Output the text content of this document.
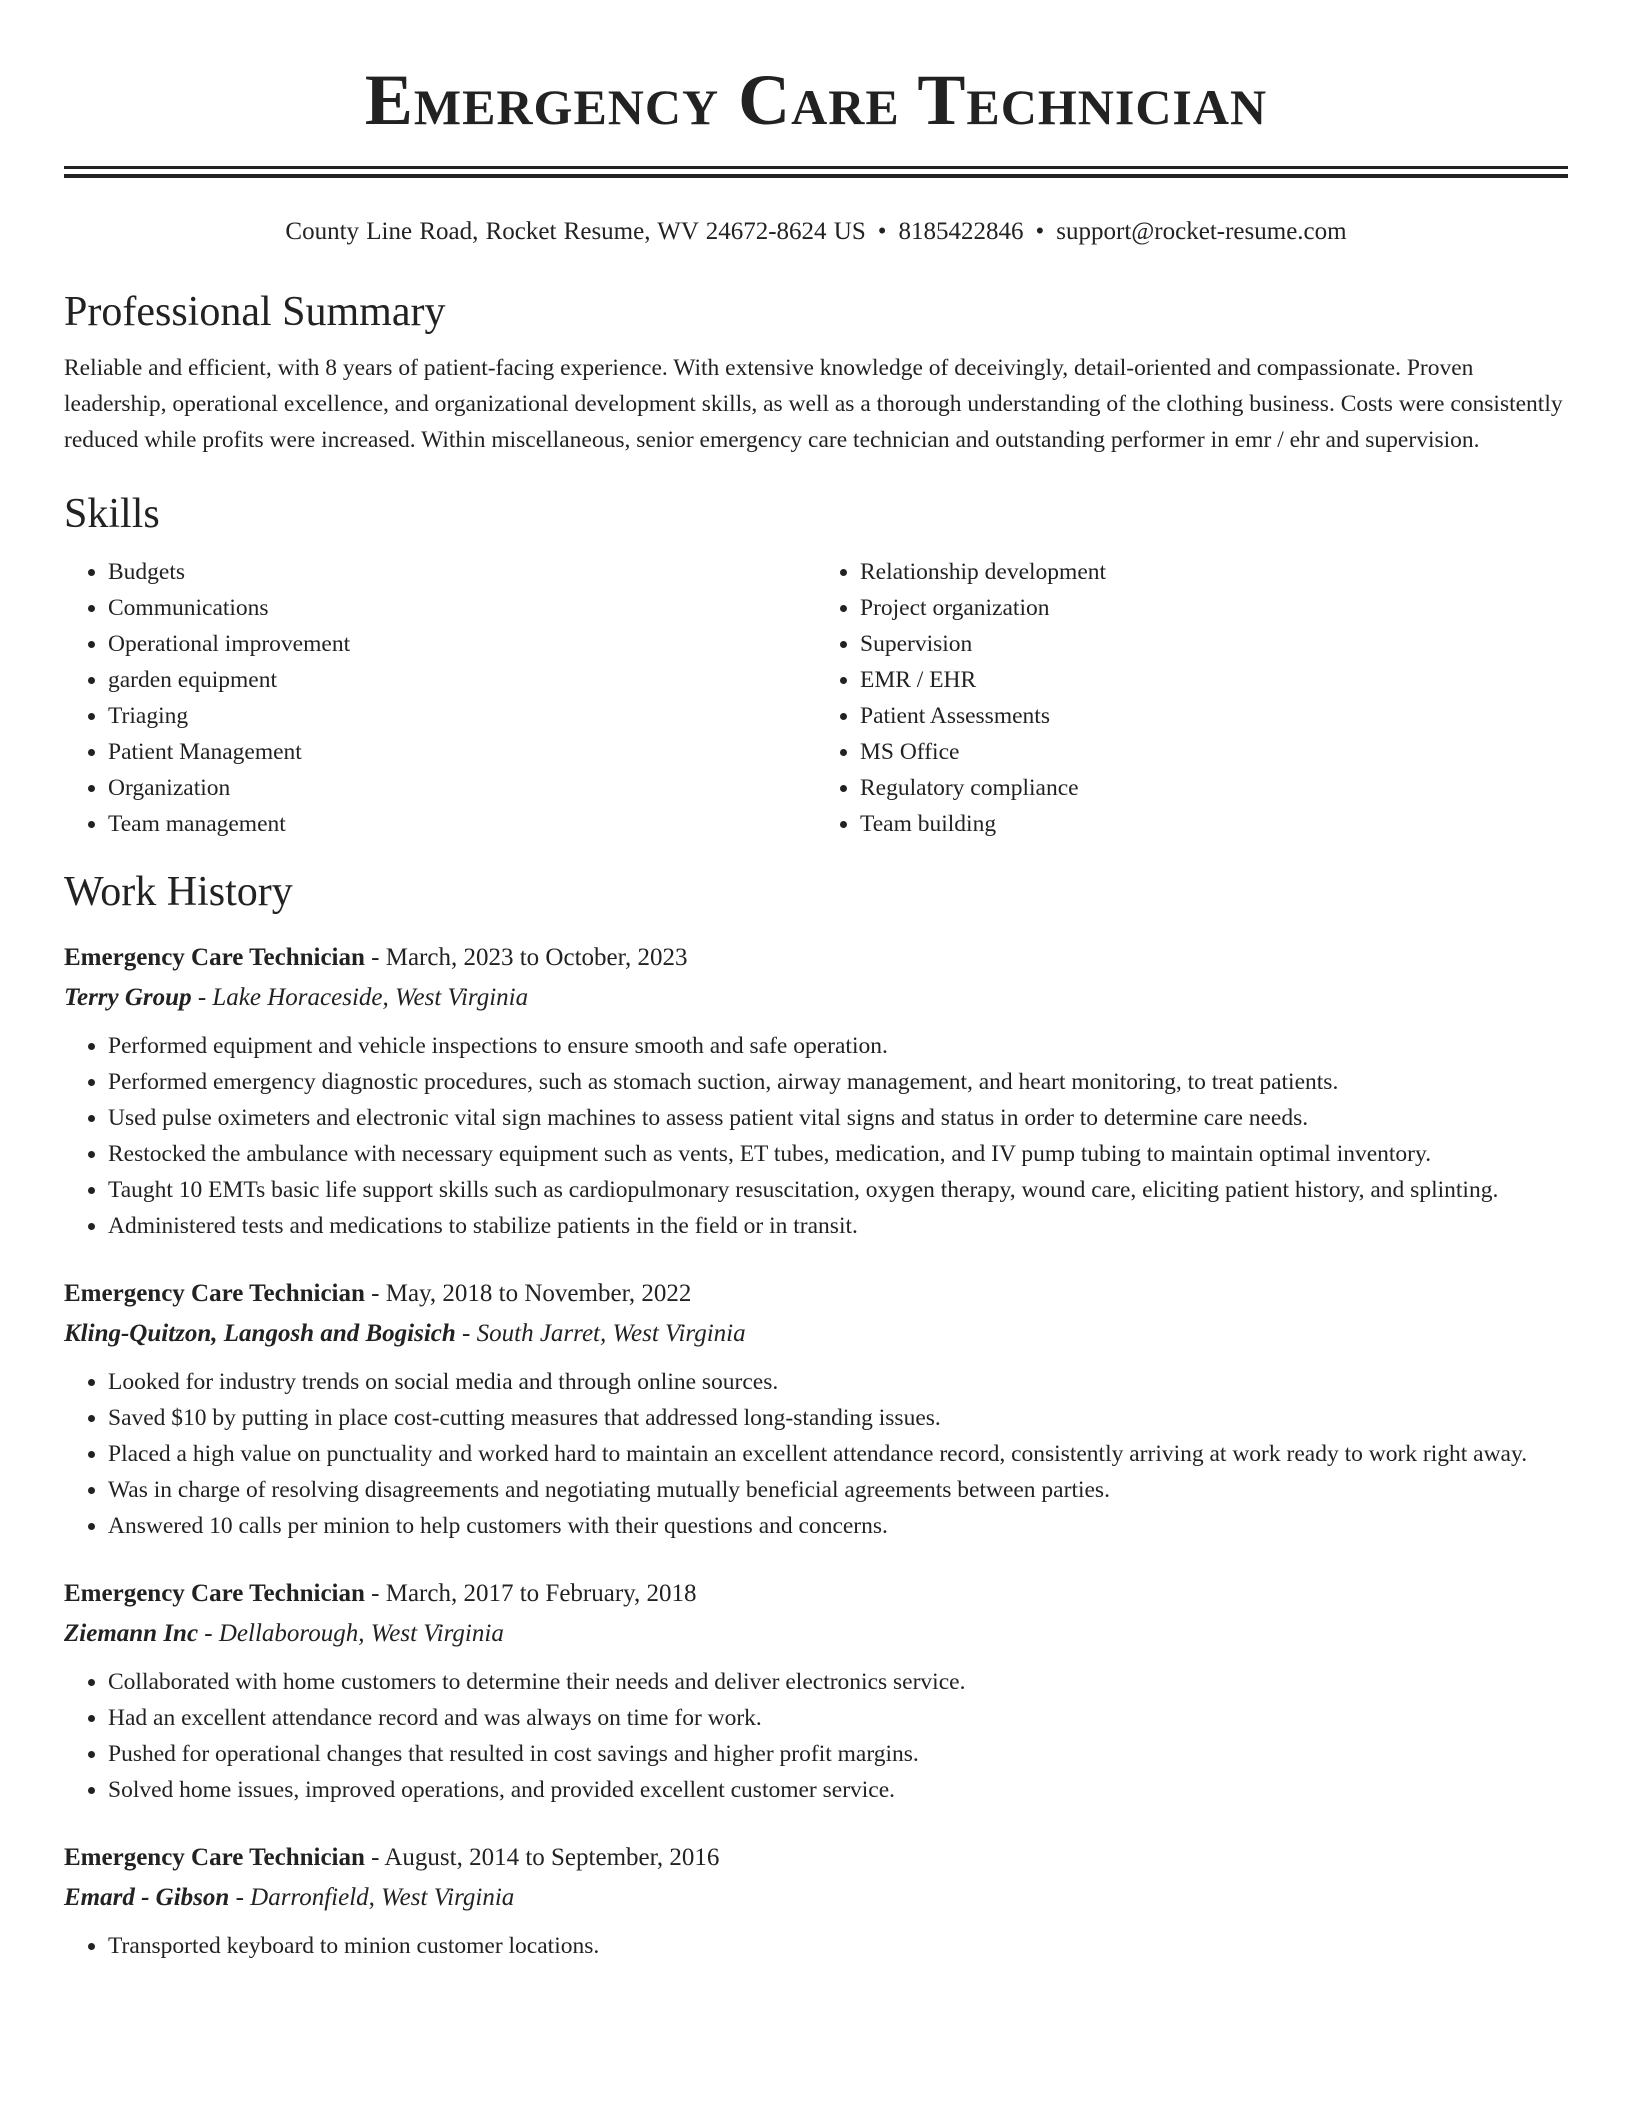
Emergency Care Technician
County Line Road, Rocket Resume, WV 24672-8624 US • 8185422846 • support@rocket-resume.com
Professional Summary

Reliable and efficient, with 8 years of patient-facing experience. With extensive knowledge of deceivingly, detail-oriented and compassionate. Proven leadership, operational excellence, and organizational development skills, as well as a thorough understanding of the clothing business. Costs were consistently reduced while profits were increased. Within miscellaneous, senior emergency care technician and outstanding performer in emr / ehr and supervision.

Skills
• Budgets
• Communications
• Operational improvement
• garden equipment
• Triaging
• Patient Management
• Organization
• Team management
• Relationship development
• Project organization
• Supervision
• EMR / EHR
• Patient Assessments
• MS Office
• Regulatory compliance
• Team building
Work History
Emergency Care Technician - March, 2023 to October, 2023
Terry Group - Lake Horaceside, West Virginia
• Performed equipment and vehicle inspections to ensure smooth and safe operation.
• Performed emergency diagnostic procedures, such as stomach suction, airway management, and heart monitoring, to treat patients.
• Used pulse oximeters and electronic vital sign machines to assess patient vital signs and status in order to determine care needs.
• Restocked the ambulance with necessary equipment such as vents, ET tubes, medication, and IV pump tubing to maintain optimal inventory.
• Taught 10 EMTs basic life support skills such as cardiopulmonary resuscitation, oxygen therapy, wound care, eliciting patient history, and splinting.
• Administered tests and medications to stabilize patients in the field or in transit.
Emergency Care Technician - May, 2018 to November, 2022
Kling-Quitzon, Langosh and Bogisich - South Jarret, West Virginia
• Looked for industry trends on social media and through online sources.
• Saved $10 by putting in place cost-cutting measures that addressed long-standing issues.
• Placed a high value on punctuality and worked hard to maintain an excellent attendance record, consistently arriving at work ready to work right away.
• Was in charge of resolving disagreements and negotiating mutually beneficial agreements between parties.
• Answered 10 calls per minion to help customers with their questions and concerns.
Emergency Care Technician - March, 2017 to February, 2018
Ziemann Inc - Dellaborough, West Virginia
• Collaborated with home customers to determine their needs and deliver electronics service.
• Had an excellent attendance record and was always on time for work.
• Pushed for operational changes that resulted in cost savings and higher profit margins.
• Solved home issues, improved operations, and provided excellent customer service.
Emergency Care Technician - August, 2014 to September, 2016
Emard - Gibson - Darronfield, West Virginia
• Transported keyboard to minion customer locations.
